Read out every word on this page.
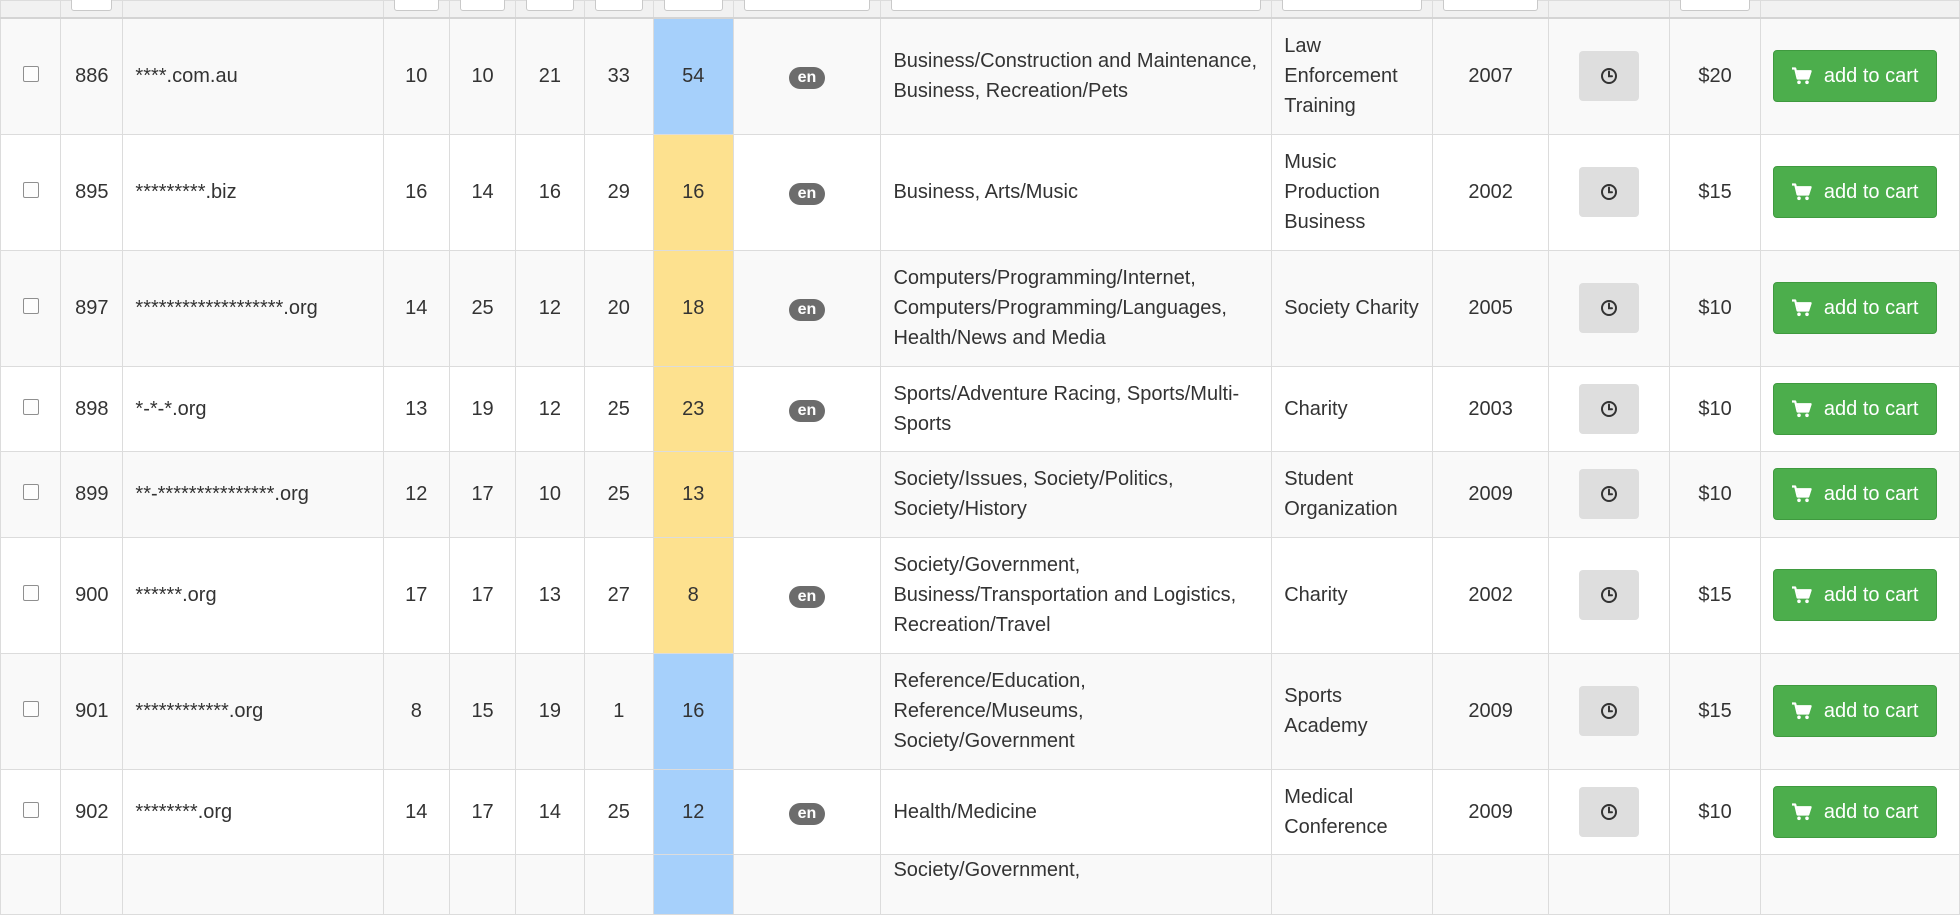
	886	****.com.au	10	10	21	33	54	en	Business/Construction and Maintenance, Business, Recreation/Pets	Law Enforcement Training	2007		$20	add to cart

	895	*********.biz	16	14	16	29	16	en	Business, Arts/Music	Music Production Business	2002		$15	add to cart

	897	*******************.org	14	25	12	20	18	en	Computers/Programming/Internet, Computers/Programming/Languages, Health/News and Media	Society Charity	2005		$10	add to cart

	898	*-*-*.org	13	19	12	25	23	en	Sports/Adventure Racing, Sports/Multi-Sports	Charity	2003		$10	add to cart

	899	**-***************.org	12	17	10	25	13		Society/Issues, Society/Politics, Society/History	Student Organization	2009		$10	add to cart

	900	******.org	17	17	13	27	8	en	Society/Government, Business/Transportation and Logistics, Recreation/Travel	Charity	2002		$15	add to cart

	901	************.org	8	15	19	1	16		Reference/Education, Reference/Museums, Society/Government	Sports Academy	2009		$15	add to cart

	902	********.org	14	17	14	25	12	en	Health/Medicine	Medical Conference	2009		$10	add to cart

									Society/Government,					
